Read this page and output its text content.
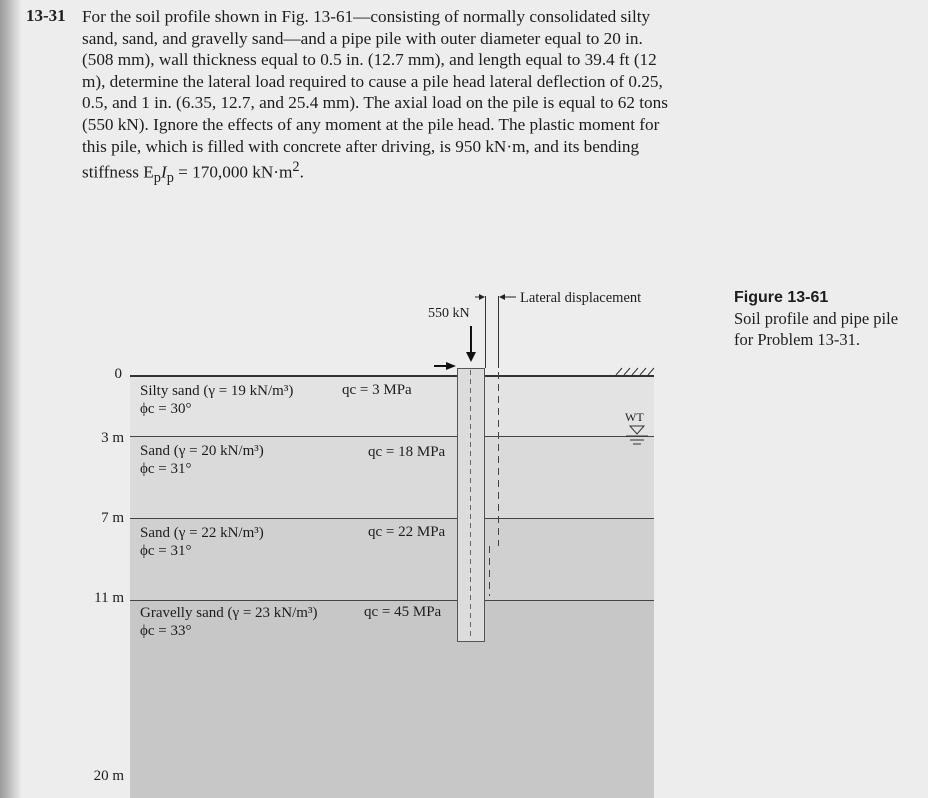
13-31 For the soil profile shown in Fig. 13-61—consisting of normally consolidated silty
sand, sand, and gravelly sand—and a pipe pile with outer diameter equal to 20 in.
(508 mm), wall thickness equal to 0.5 in. (12.7 mm), and length equal to 39.4 ft (12
m), determine the lateral load required to cause a pile head lateral deflection of 0.25,
0.5, and 1 in. (6.35, 12.7, and 25.4 mm). The axial load on the pile is equal to 62 tons
(550 kN). Ignore the effects of any moment at the pile head. The plastic moment for
this pile, which is filled with concrete after driving, is 950 kN·m, and its bending
stiffness $E_pI_p = 170,000$ $kN\cdot m^2$.

Figure 13-61
Soil profile and pipe pile
for Problem 13-31.
WT
0
3 m
7 m
11 m
20 m
Silty sand (γ = 19 kN/m³)
ϕc = 30°
qc = 3 MPa
Sand (γ = 20 kN/m³)
ϕc = 31°
qc = 18 MPa
Sand (γ = 22 kN/m³)
ϕc = 31°
qc = 22 MPa
Gravelly sand (γ = 23 kN/m³)
ϕc = 33°
qc = 45 MPa
550 kN
Lateral displacement
